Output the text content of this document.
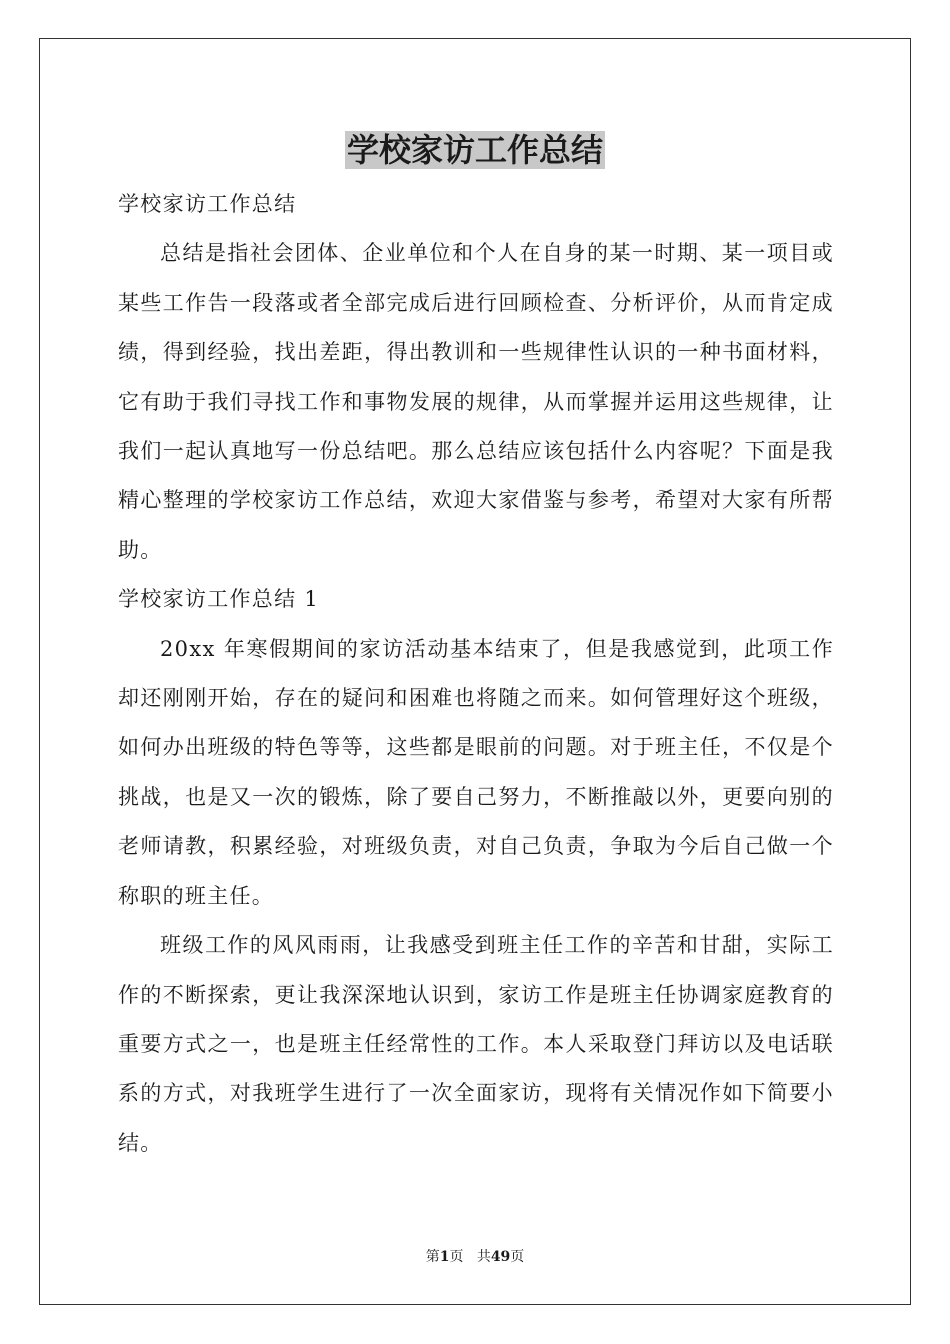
学校家访工作总结

学校家访工作总结

总结是指社会团体、企业单位和个人在自身的某一时期、某一项目或某些工作告一段落或者全部完成后进行回顾检查、分析评价，从而肯定成绩，得到经验，找出差距，得出教训和一些规律性认识的一种书面材料，它有助于我们寻找工作和事物发展的规律，从而掌握并运用这些规律，让我们一起认真地写一份总结吧。那么总结应该包括什么内容呢？下面是我精心整理的学校家访工作总结，欢迎大家借鉴与参考，希望对大家有所帮助。

学校家访工作总结 1

20xx 年寒假期间的家访活动基本结束了，但是我感觉到，此项工作却还刚刚开始，存在的疑问和困难也将随之而来。如何管理好这个班级，如何办出班级的特色等等，这些都是眼前的问题。对于班主任，不仅是个挑战，也是又一次的锻炼，除了要自己努力，不断推敲以外，更要向别的老师请教，积累经验，对班级负责，对自己负责，争取为今后自己做一个称职的班主任。

班级工作的风风雨雨，让我感受到班主任工作的辛苦和甘甜，实际工作的不断探索，更让我深深地认识到，家访工作是班主任协调家庭教育的重要方式之一，也是班主任经常性的工作。本人采取登门拜访以及电话联系的方式，对我班学生进行了一次全面家访，现将有关情况作如下简要小结。

第1页 共49页
